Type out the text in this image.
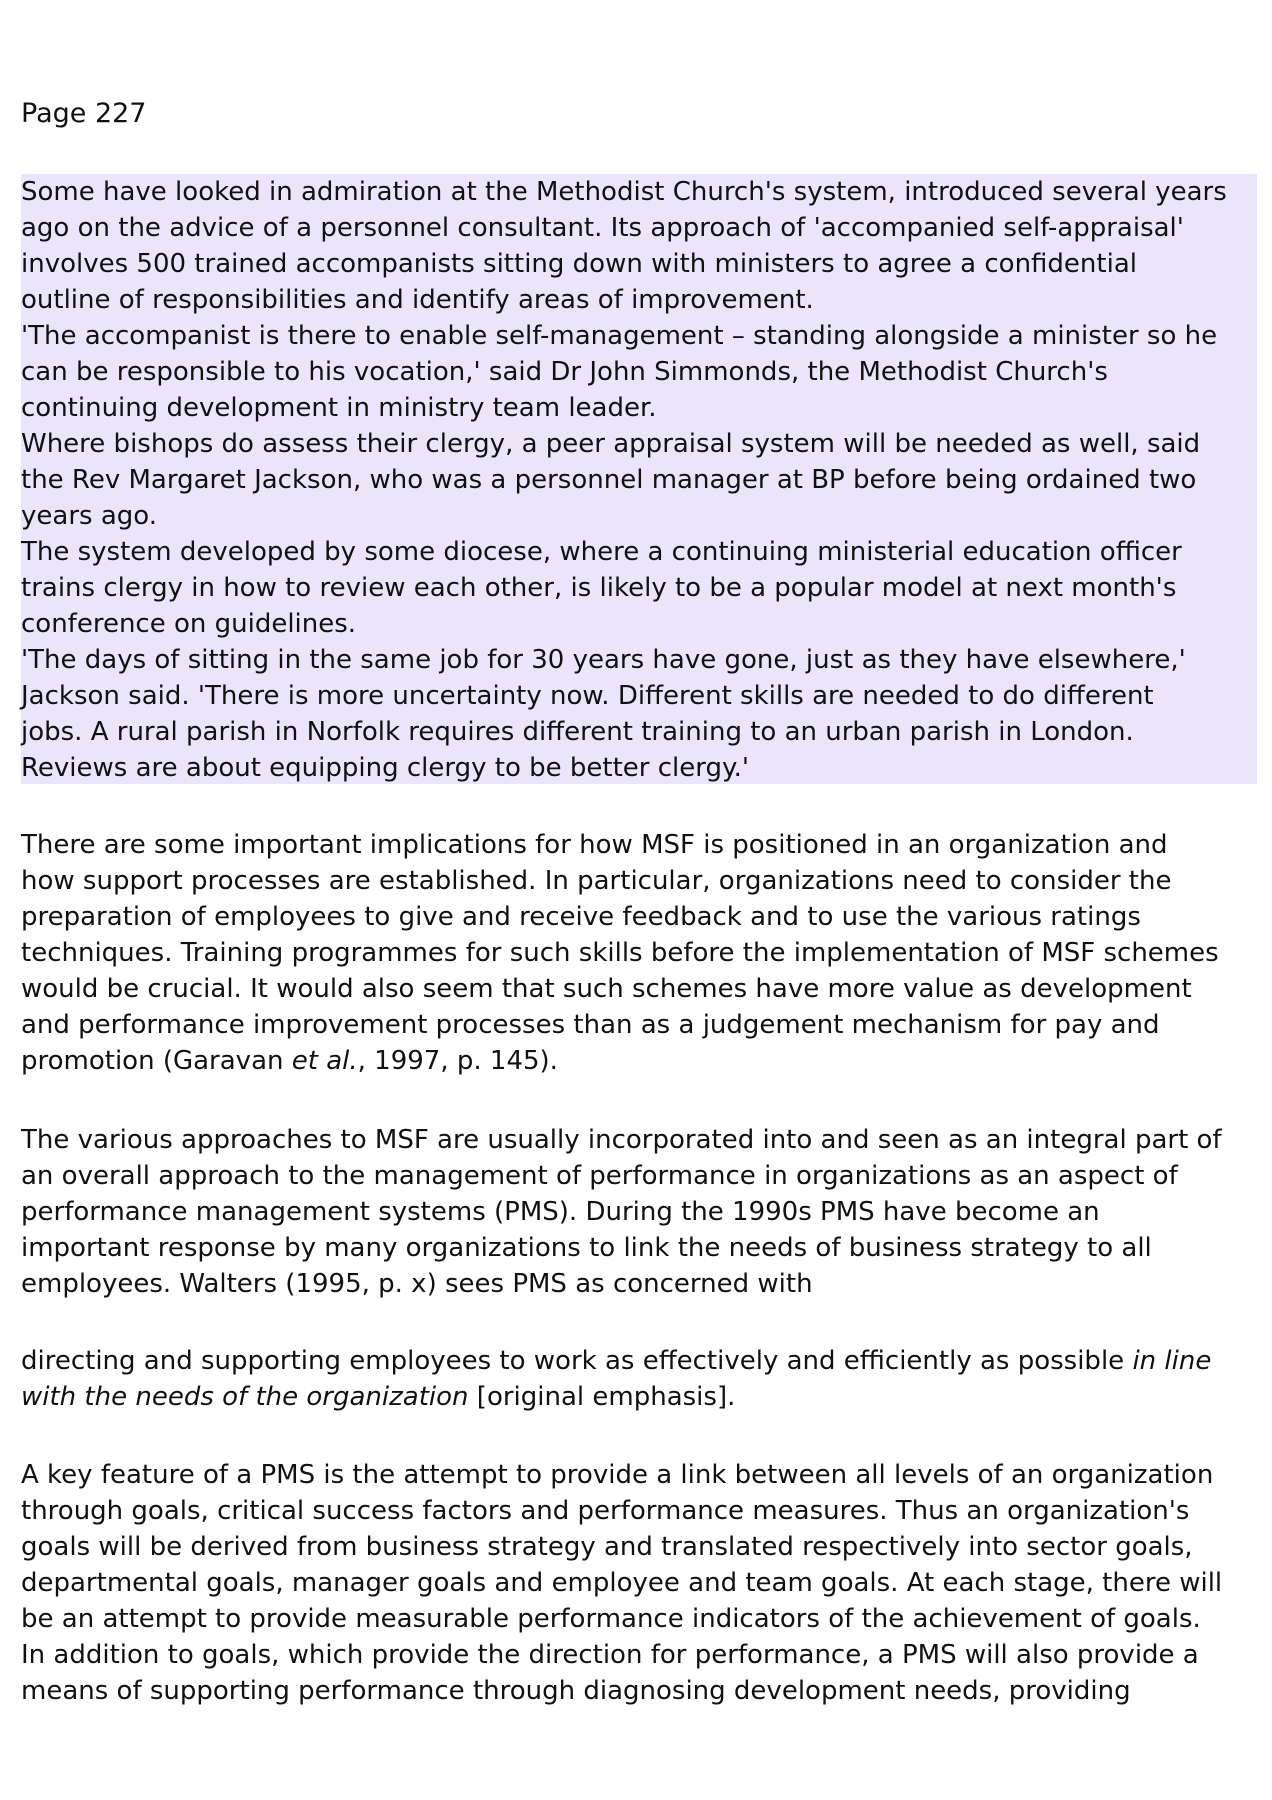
Page 227

Some have looked in admiration at the Methodist Church's system, introduced several years
ago on the advice of a personnel consultant. Its approach of 'accompanied self-appraisal'
involves 500 trained accompanists sitting down with ministers to agree a confidential
outline of responsibilities and identify areas of improvement.
'The accompanist is there to enable self-management – standing alongside a minister so he
can be responsible to his vocation,' said Dr John Simmonds, the Methodist Church's
continuing development in ministry team leader.
Where bishops do assess their clergy, a peer appraisal system will be needed as well, said
the Rev Margaret Jackson, who was a personnel manager at BP before being ordained two
years ago.
The system developed by some diocese, where a continuing ministerial education officer
trains clergy in how to review each other, is likely to be a popular model at next month's
conference on guidelines.
'The days of sitting in the same job for 30 years have gone, just as they have elsewhere,'
Jackson said. 'There is more uncertainty now. Different skills are needed to do different
jobs. A rural parish in Norfolk requires different training to an urban parish in London.
Reviews are about equipping clergy to be better clergy.'

There are some important implications for how MSF is positioned in an organization and
how support processes are established. In particular, organizations need to consider the
preparation of employees to give and receive feedback and to use the various ratings
techniques. Training programmes for such skills before the implementation of MSF schemes
would be crucial. It would also seem that such schemes have more value as development
and performance improvement processes than as a judgement mechanism for pay and
promotion (Garavan et al., 1997, p. 145).

The various approaches to MSF are usually incorporated into and seen as an integral part of
an overall approach to the management of performance in organizations as an aspect of
performance management systems (PMS). During the 1990s PMS have become an
important response by many organizations to link the needs of business strategy to all
employees. Walters (1995, p. x) sees PMS as concerned with

directing and supporting employees to work as effectively and efficiently as possible in line
with the needs of the organization [original emphasis].

A key feature of a PMS is the attempt to provide a link between all levels of an organization
through goals, critical success factors and performance measures. Thus an organization's
goals will be derived from business strategy and translated respectively into sector goals,
departmental goals, manager goals and employee and team goals. At each stage, there will
be an attempt to provide measurable performance indicators of the achievement of goals.
In addition to goals, which provide the direction for performance, a PMS will also provide a
means of supporting performance through diagnosing development needs, providing
